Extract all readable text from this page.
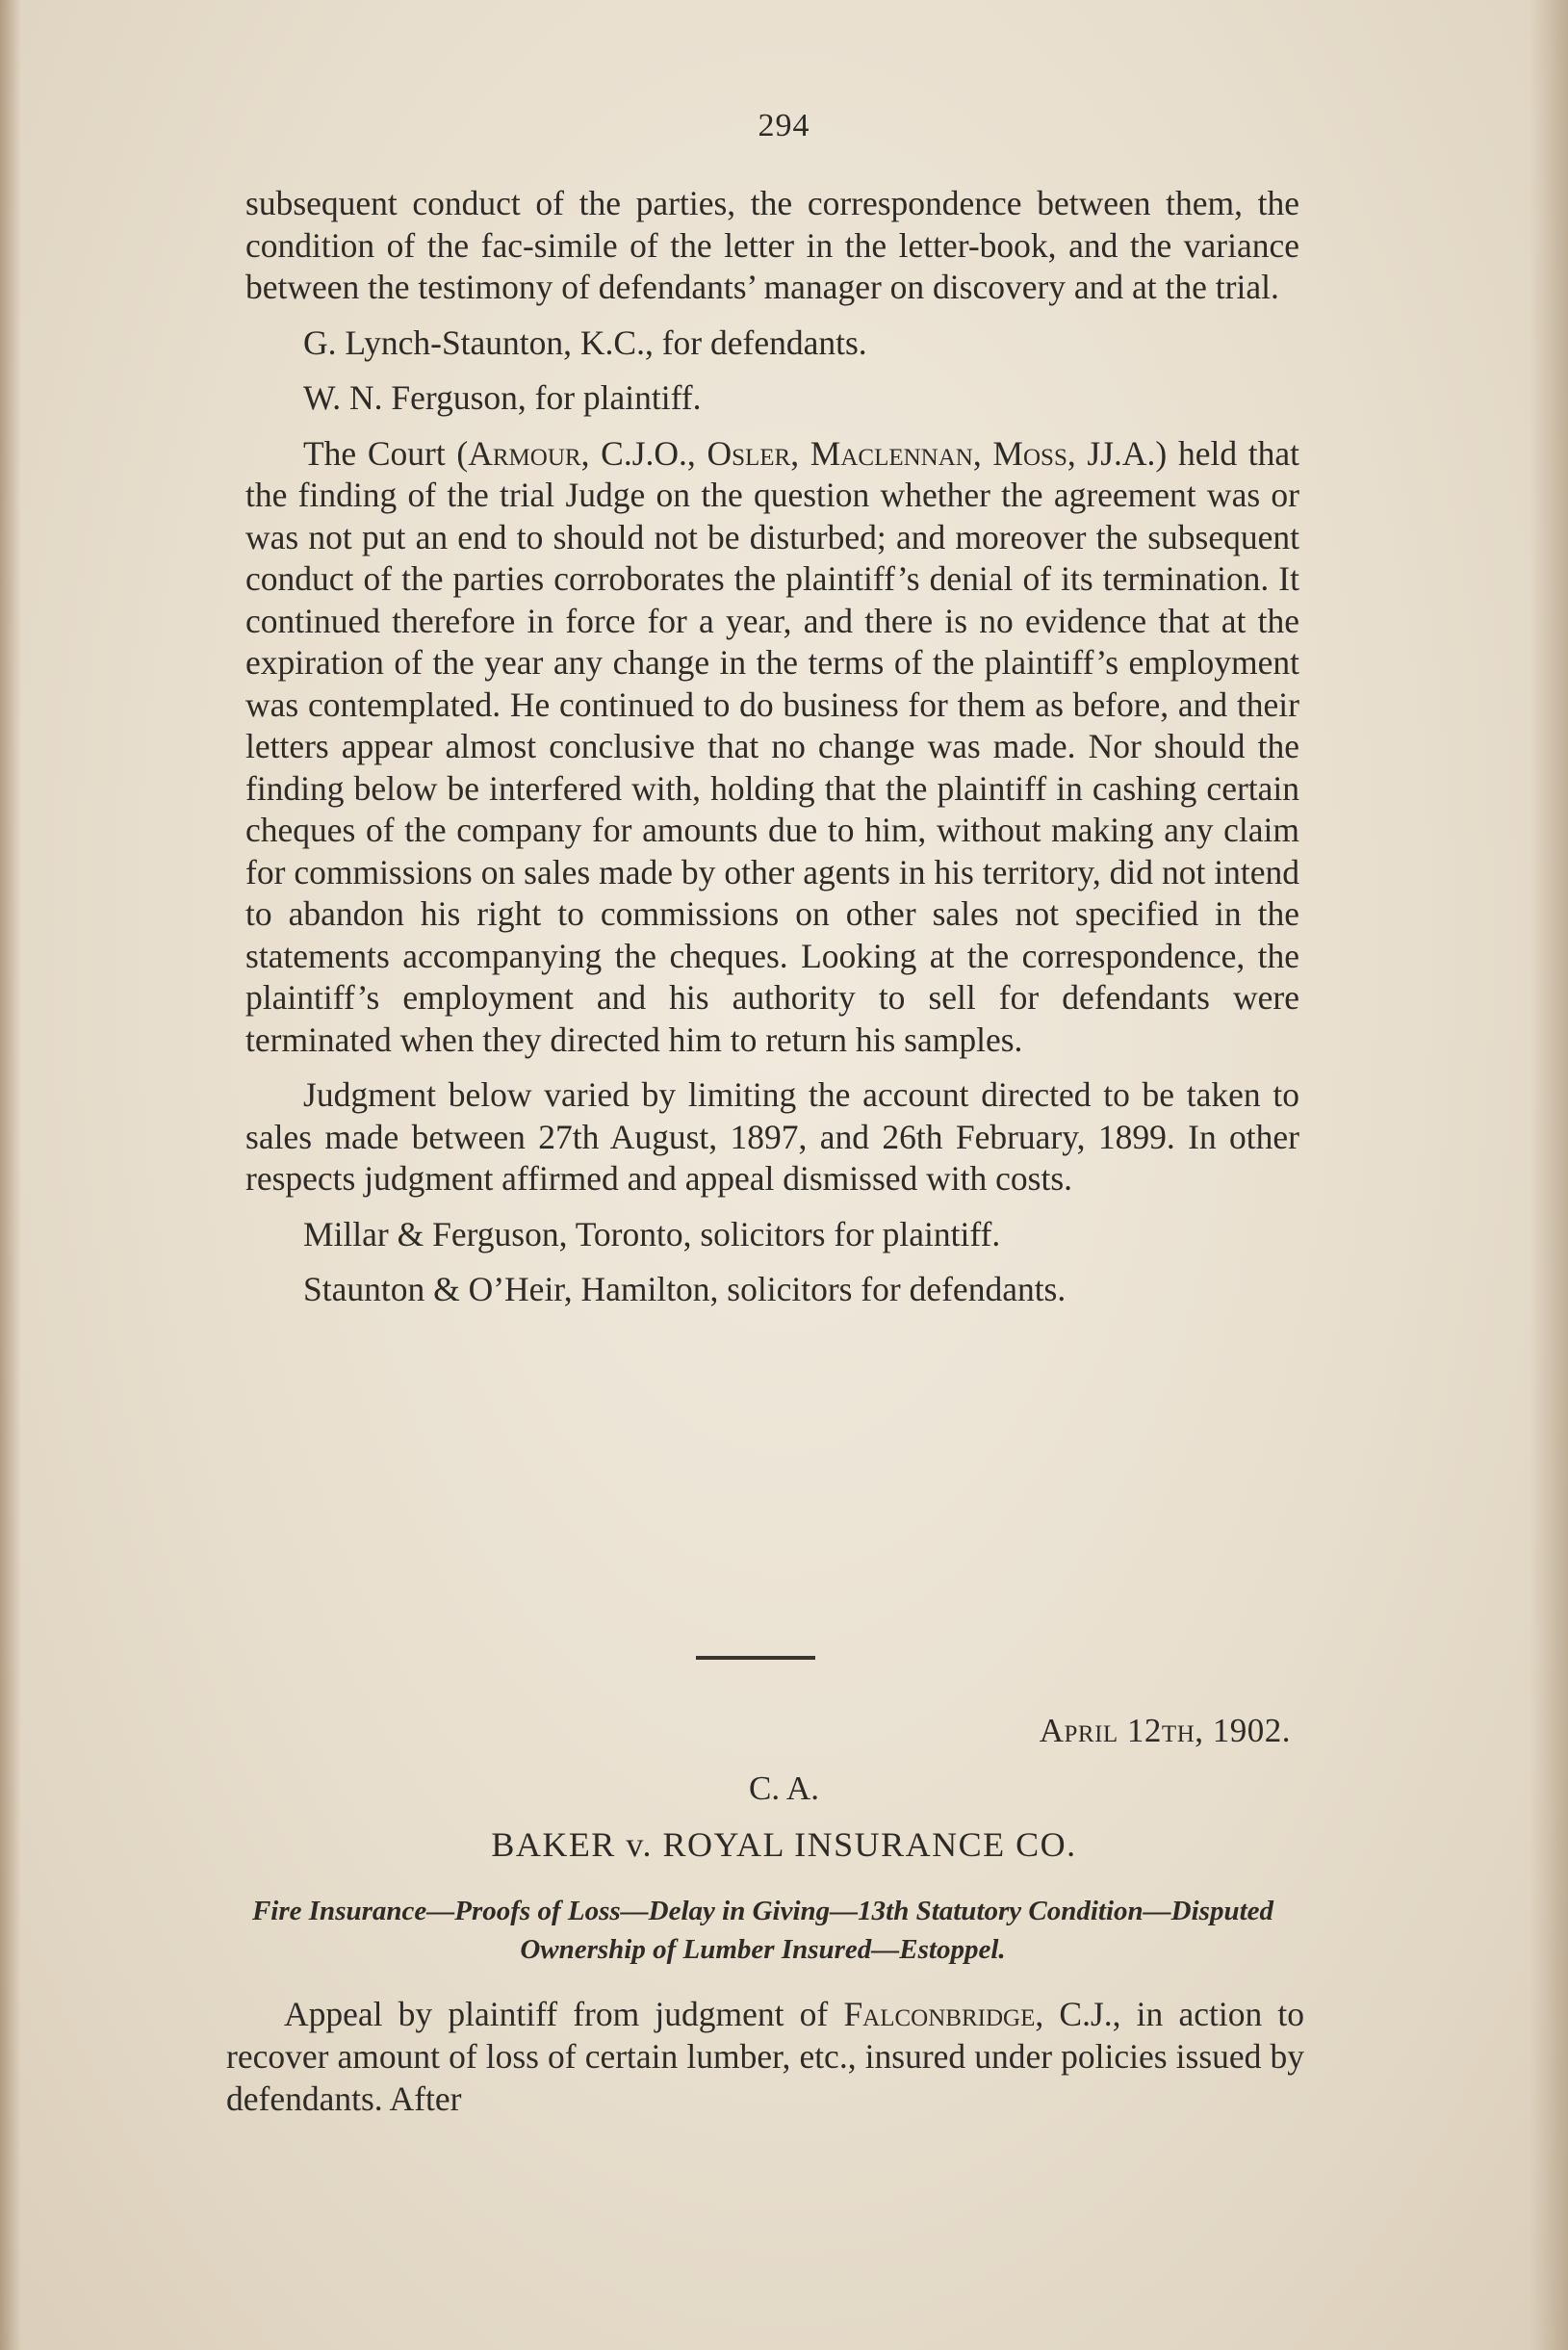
294

subsequent conduct of the parties, the correspondence between them, the condition of the fac-simile of the letter in the letter-book, and the variance between the testimony of defendants’ manager on discovery and at the trial.

G. Lynch-Staunton, K.C., for defendants.

W. N. Ferguson, for plaintiff.

The Court (Armour, C.J.O., Osler, Maclennan, Moss, JJ.A.) held that the finding of the trial Judge on the question whether the agreement was or was not put an end to should not be disturbed; and moreover the subsequent conduct of the parties corroborates the plaintiff’s denial of its termination. It continued therefore in force for a year, and there is no evidence that at the expiration of the year any change in the terms of the plaintiff’s employment was contemplated. He continued to do business for them as before, and their letters appear almost conclusive that no change was made. Nor should the finding below be interfered with, holding that the plaintiff in cashing certain cheques of the company for amounts due to him, without making any claim for commissions on sales made by other agents in his territory, did not intend to abandon his right to commissions on other sales not specified in the statements accompanying the cheques. Looking at the correspondence, the plaintiff’s employment and his authority to sell for defendants were terminated when they directed him to return his samples.

Judgment below varied by limiting the account directed to be taken to sales made between 27th August, 1897, and 26th February, 1899. In other respects judgment affirmed and appeal dismissed with costs.

Millar & Ferguson, Toronto, solicitors for plaintiff.

Staunton & O’Heir, Hamilton, solicitors for defendants.

April 12th, 1902.
C. A.
BAKER v. ROYAL INSURANCE CO.
Fire Insurance—Proofs of Loss—Delay in Giving—13th Statutory Condition—Disputed Ownership of Lumber Insured—Estoppel.

Appeal by plaintiff from judgment of Falconbridge, C.J., in action to recover amount of loss of certain lumber, etc., insured under policies issued by defendants. After
